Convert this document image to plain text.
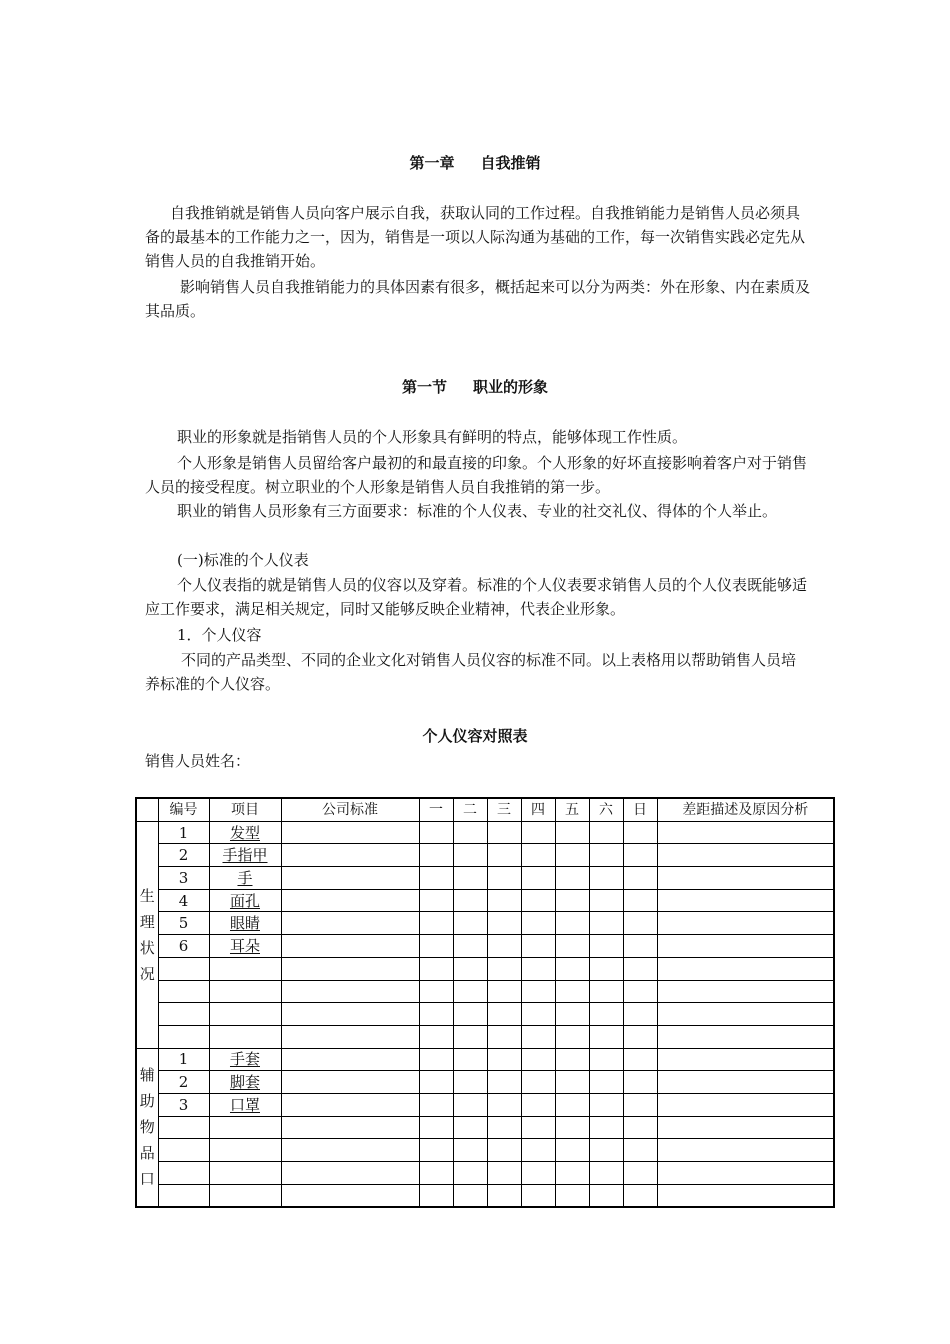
第一章 自我推销

自我推销就是销售人员向客户展示自我，获取认同的工作过程。自我推销能力是销售人员必须具备的最基本的工作能力之一，因为，销售是一项以人际沟通为基础的工作，每一次销售实践必定先从销售人员的自我推销开始。

影响销售人员自我推销能力的具体因素有很多，概括起来可以分为两类：外在形象、内在素质及其品质。

第一节 职业的形象

职业的形象就是指销售人员的个人形象具有鲜明的特点，能够体现工作性质。

个人形象是销售人员留给客户最初的和最直接的印象。个人形象的好坏直接影响着客户对于销售人员的接受程度。树立职业的个人形象是销售人员自我推销的第一步。

职业的销售人员形象有三方面要求：标准的个人仪表、专业的社交礼仪、得体的个人举止。

(一)标准的个人仪表

个人仪表指的就是销售人员的仪容以及穿着。标准的个人仪表要求销售人员的个人仪表既能够适应工作要求，满足相关规定，同时又能够反映企业精神，代表企业形象。

1．个人仪容

不同的产品类型、不同的企业文化对销售人员仪容的标准不同。以上表格用以帮助销售人员培养标准的个人仪容。

个人仪容对照表
销售人员姓名：
	编号	项目	公司标准	一	二	三	四	五	六	日	差距描述及原因分析
生理状况	1	发型									
	2	手指甲									
	3	手									
	4	面孔									
	5	眼睛									
	6	耳朵									

辅助物品口	1	手套									
	2	脚套									
	3	口罩									
